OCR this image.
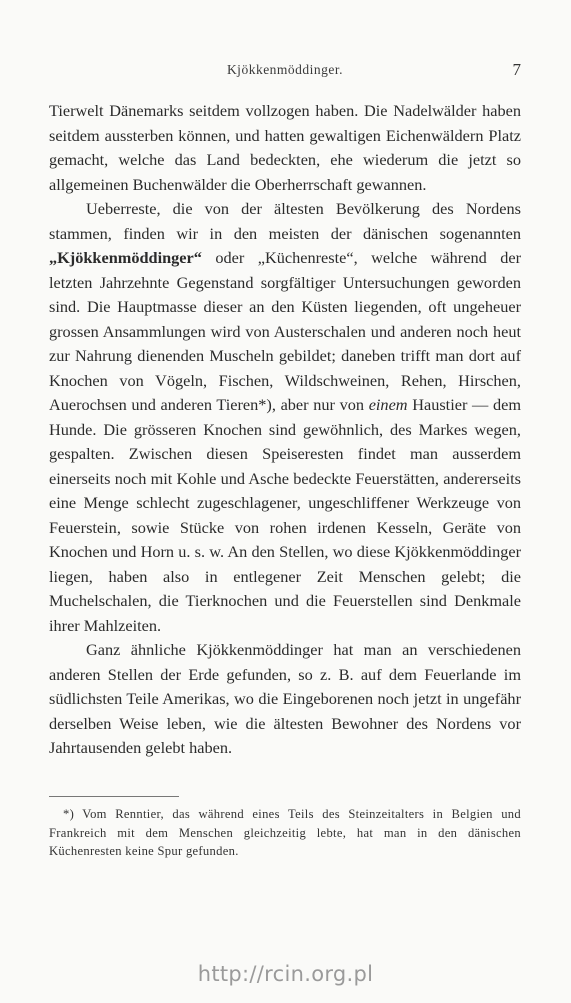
Kjökkenmöddinger.	7

Tierwelt Dänemarks seitdem vollzogen haben. Die Nadelwälder haben seitdem aussterben können, und hatten gewaltigen Eichenwäldern Platz gemacht, welche das Land bedeckten, ehe wiederum die jetzt so allgemeinen Buchenwälder die Oberherrschaft gewannen.

Ueberreste, die von der ältesten Bevölkerung des Nordens stammen, finden wir in den meisten der dänischen sogenannten „Kjökkenmöddinger“ oder „Küchenreste“, welche während der letzten Jahrzehnte Gegenstand sorgfältiger Untersuchungen geworden sind. Die Hauptmasse dieser an den Küsten liegenden, oft ungeheuer grossen Ansammlungen wird von Austerschalen und anderen noch heut zur Nahrung dienenden Muscheln gebildet; daneben trifft man dort auf Knochen von Vögeln, Fischen, Wildschweinen, Rehen, Hirschen, Auerochsen und anderen Tieren*), aber nur von einem Haustier — dem Hunde. Die grösseren Knochen sind gewöhnlich, des Markes wegen, gespalten. Zwischen diesen Speiseresten findet man ausserdem einerseits noch mit Kohle und Asche bedeckte Feuerstätten, andererseits eine Menge schlecht zugeschlagener, ungeschliffener Werkzeuge von Feuerstein, sowie Stücke von rohen irdenen Kesseln, Geräte von Knochen und Horn u. s. w. An den Stellen, wo diese Kjökkenmöddinger liegen, haben also in entlegener Zeit Menschen gelebt; die Muchelschalen, die Tierknochen und die Feuerstellen sind Denkmale ihrer Mahlzeiten.

Ganz ähnliche Kjökkenmöddinger hat man an verschiedenen anderen Stellen der Erde gefunden, so z. B. auf dem Feuerlande im südlichsten Teile Amerikas, wo die Eingeborenen noch jetzt in ungefähr derselben Weise leben, wie die ältesten Bewohner des Nordens vor Jahrtausenden gelebt haben.

*) Vom Renntier, das während eines Teils des Steinzeitalters in Belgien und Frankreich mit dem Menschen gleichzeitig lebte, hat man in den dänischen Küchenresten keine Spur gefunden.

http://rcin.org.pl
